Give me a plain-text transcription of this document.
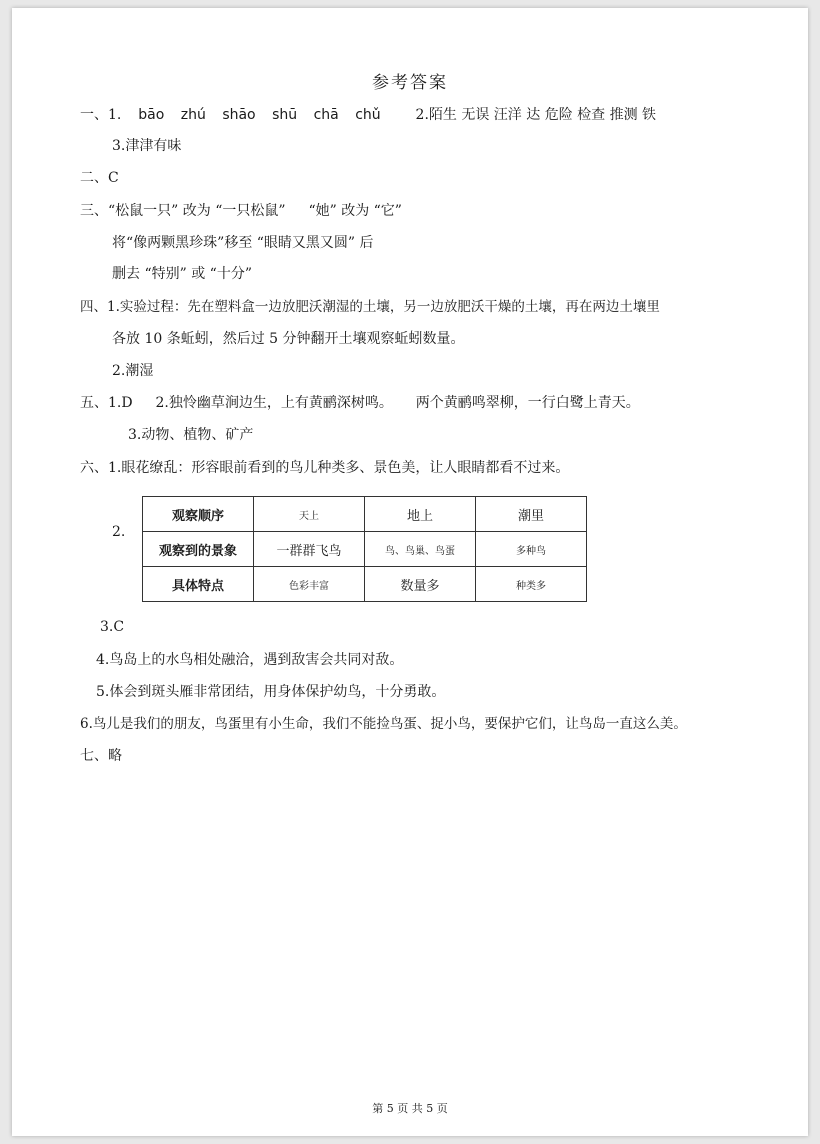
参考答案
一、1. bāo zhú shāo shū chā chǔ 2.陌生 无误 汪洋 达 危险 检查 推测 铁
3.津津有味
二、C
三、“松鼠一只” 改为 “一只松鼠” “她” 改为 “它”
将“像两颗黑珍珠”移至 “眼睛又黑又圆” 后
删去 “特别” 或 “十分”
四、1.实验过程：先在塑料盒一边放肥沃潮湿的土壤，另一边放肥沃干燥的土壤，再在两边土壤里
各放 10 条蚯蚓，然后过 5 分钟翻开土壤观察蚯蚓数量。
2.潮湿
五、1.D 2.独怜幽草涧边生，上有黄鹂深树鸣。 两个黄鹂鸣翠柳，一行白鹭上青天。
3.动物、植物、矿产
六、1.眼花缭乱：形容眼前看到的鸟儿种类多、景色美，让人眼睛都看不过来。
2.
观察顺序	天上	地上	潮里
观察到的景象	一群群飞鸟	鸟、鸟巢、鸟蛋	多种鸟
具体特点	色彩丰富	数量多	种类多
3.C
4.鸟岛上的水鸟相处融洽，遇到敌害会共同对敌。
5.体会到斑头雁非常团结，用身体保护幼鸟，十分勇敢。
6.鸟儿是我们的朋友，鸟蛋里有小生命，我们不能捡鸟蛋、捉小鸟，要保护它们，让鸟岛一直这么美。
七、略
第 5 页 共 5 页
